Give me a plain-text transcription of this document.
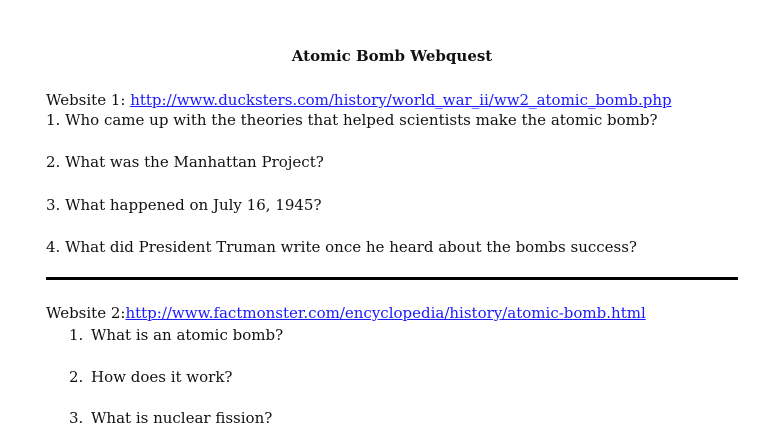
Atomic Bomb Webquest
Website 1: http://www.ducksters.com/history/world_war_ii/ww2_atomic_bomb.php
1. Who came up with the theories that helped scientists make the atomic bomb?
2. What was the Manhattan Project?
3. What happened on July 16, 1945?
4. What did President Truman write once he heard about the bombs success?
Website 2:http://www.factmonster.com/encyclopedia/history/atomic-bomb.html
1. What is an atomic bomb?
2. How does it work?
3. What is nuclear fission?
